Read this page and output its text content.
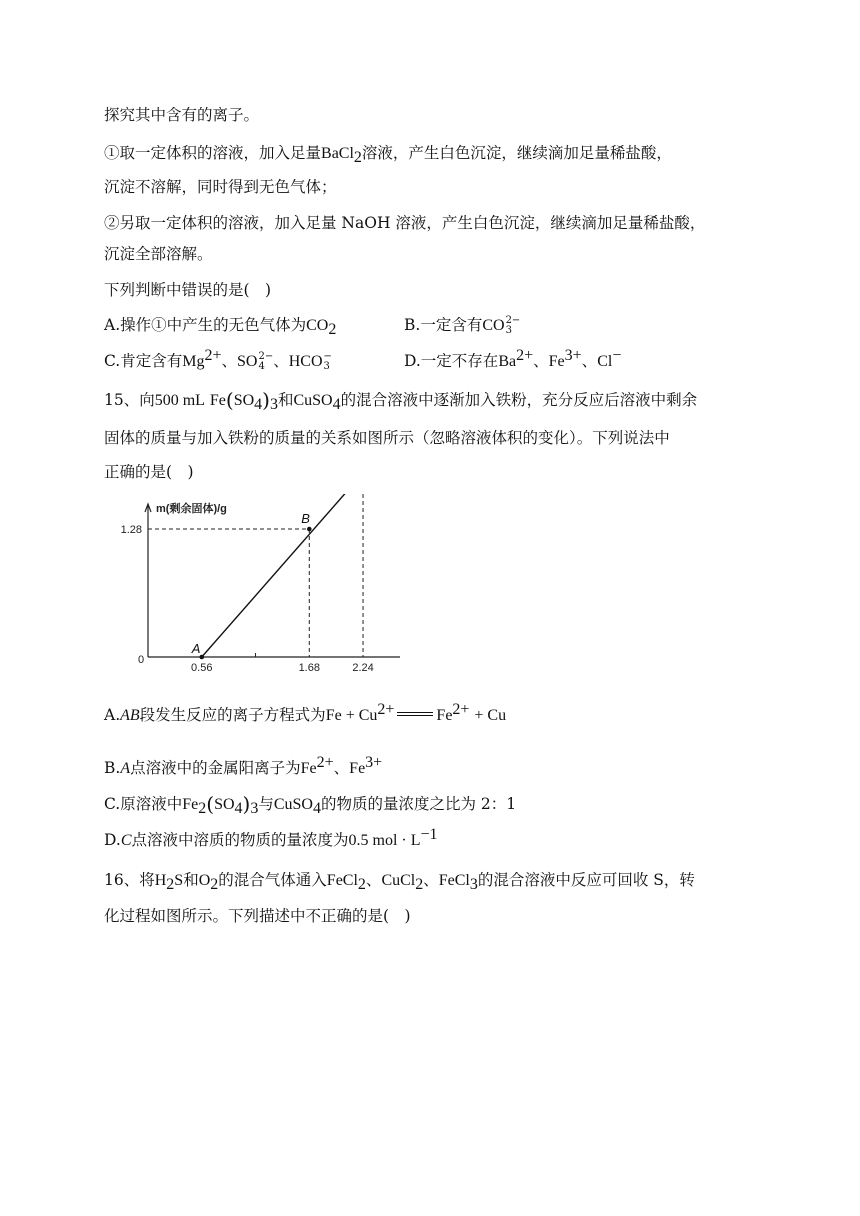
探究其中含有的离子。
①取一定体积的溶液，加入足量BaCl$_2$溶液，产生白色沉淀，继续滴加足量稀盐酸，
沉淀不溶解，同时得到无色气体；
②另取一定体积的溶液，加入足量 NaOH 溶液，产生白色沉淀，继续滴加足量稀盐酸，
沉淀全部溶解。
下列判断中错误的是(　)
A.操作①中产生的无色气体为$CO_2$	B.一定含有CO 2−
3
C.肯定含有$Mg^{2+}$、SO 2−
4 、HCO −
3	D.一定不存在$Ba^{2+}$、$Fe^{3+}$、Cl−
15、向500 mL $Fe(SO_4)_3$和CuSO$_4$的混合溶液中逐渐加入铁粉，充分反应后溶液中剩余
固体的质量与加入铁粉的质量的关系如图所示（忽略溶液体积的变化）。下列说法中
正确的是(　)
m(剩余固体)/g
0
A
B
0.56	1.68	2.24
1.28
A.AB段发生反应的离子方程式为$Fe + Cu^{2+}$	$Fe^{2+} + Cu$
B.A点溶液中的金属阳离子为$Fe^{2+}$、$Fe^{3+}$
C.原溶液中$Fe_2(SO_4)_3$与CuSO$_4$的物质的量浓度之比为 2：1
D.C点溶液中溶质的物质的量浓度为0.5 mol · $L^{-1}$
16、将$H_2S$和$O_2$的混合气体通入FeCl$_2$、CuCl$_2$、FeCl$_3$的混合溶液中反应可回收 S，转
化过程如图所示。下列描述中不正确的是(　)
